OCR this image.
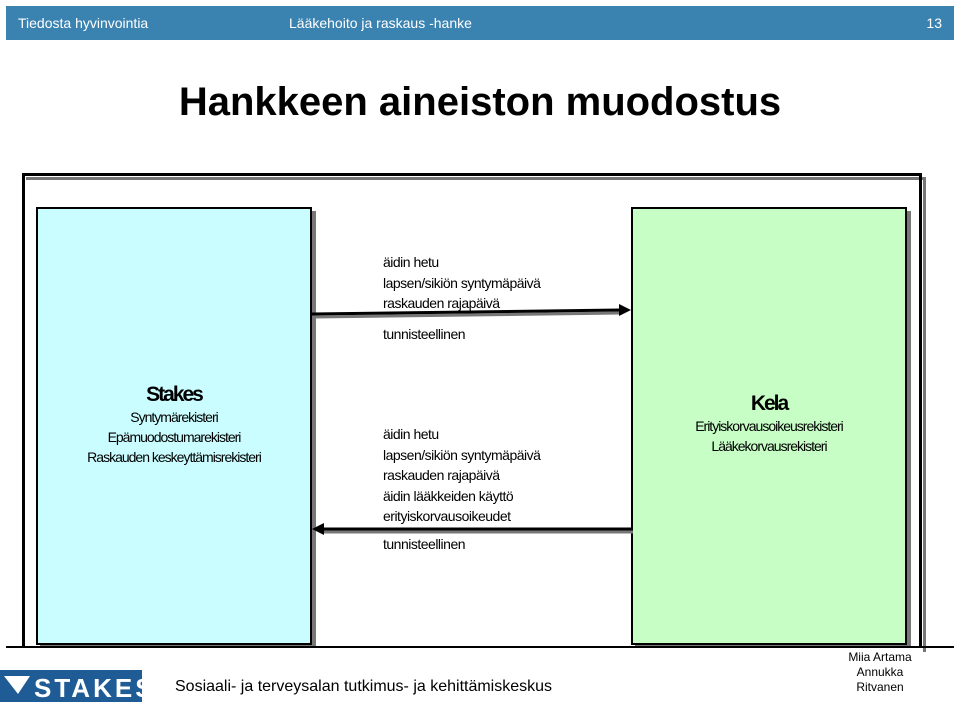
Tiedosta hyvinvointia	Lääkehoito ja raskaus -hanke	13
Hankkeen aineiston muodostus
Stakes
Syntymärekisteri
Epämuodostumarekisteri
Raskauden keskeyttämisrekisteri
Kela
Erityiskorvausoikeusrekisteri
Lääkekorvausrekisteri
äidin hetu
lapsen/sikiön syntymäpäivä
raskauden rajapäivä
tunnisteellinen
äidin hetu
lapsen/sikiön syntymäpäivä
raskauden rajapäivä
äidin lääkkeiden käyttö
erityiskorvausoikeudet
tunnisteellinen
STAKES Sosiaali- ja terveysalan tutkimus- ja kehittämiskeskus
Miia Artama
Annukka
Ritvanen
